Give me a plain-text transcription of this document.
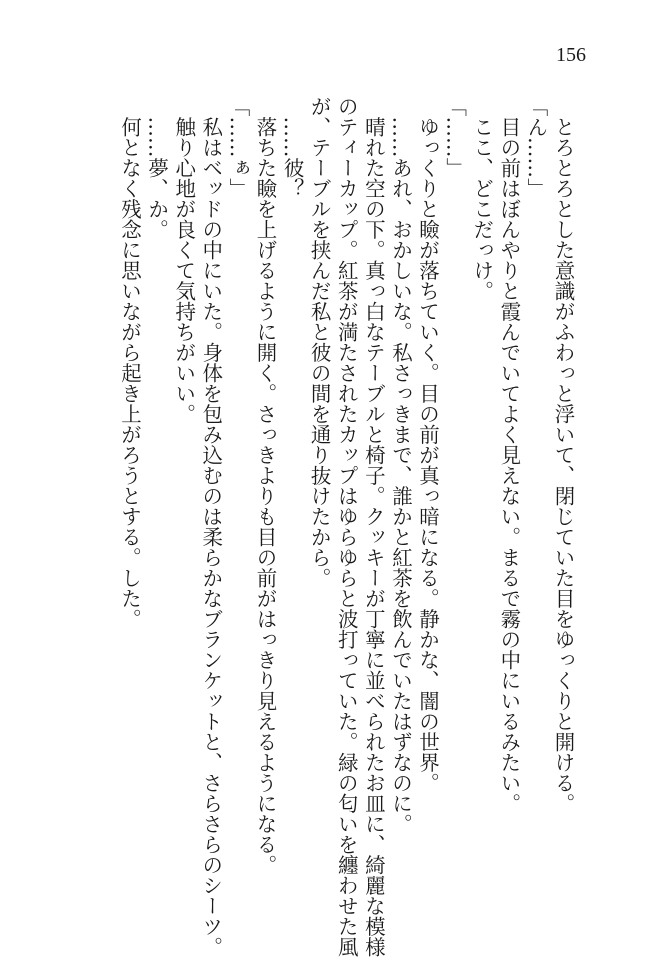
156
　とろとろとした意識がふわっと浮いて、閉じていた目をゆっくりと開ける。
「ん……」
　目の前はぼんやりと霞んでいてよく見えない。まるで霧の中にいるみたい。
　ここ、どこだっけ。
「……」
　ゆっくりと瞼が落ちていく。目の前が真っ暗になる。静かな、闇の世界。
　……あれ、おかしいな。私さっきまで、誰かと紅茶を飲んでいたはずなのに。
　晴れた空の下。真っ白なテーブルと椅子。クッキーが丁寧に並べられたお皿に、綺麗な模様
のティーカップ。紅茶が満たされたカップはゆらゆらと波打っていた。緑の匂いを纏わせた風
が、テーブルを挟んだ私と彼の間を通り抜けたから。
　……彼？
　落ちた瞼を上げるように開く。さっきよりも目の前がはっきり見えるようになる。
「……ぁ」
　私はベッドの中にいた。身体を包み込むのは柔らかなブランケットと、さらさらのシーツ。
　触り心地が良くて気持ちがいい。
　……夢、か。
　何となく残念に思いながら起き上がろうとする。した。
